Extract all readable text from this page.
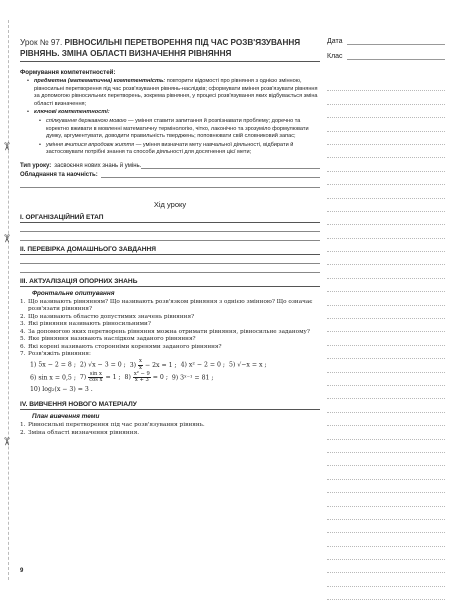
✂
✂
✂
Дата
Клас
Урок № 97. РІВНОСИЛЬНІ ПЕРЕТВОРЕННЯ ПІД ЧАС РОЗВ'ЯЗУВАННЯ РІВНЯНЬ. ЗМІНА ОБЛАСТІ ВИЗНАЧЕННЯ РІВНЯННЯ
Формування компетентностей:
• предметна (математична) компетентність: повторити відомості про рівняння з однією змінною, рівносильні перетворення під час розв'язування рівнянь-наслідків; сформувати вміння розв'язувати рівняння за допомогою рівносильних перетворень, зокрема рівняння, у процесі розв'язування яких відбувається зміна області визначення;
• ключові компетентності:
• спілкування державною мовою — уміння ставити запитання й розпізнавати проблему; доречно та коректно вживати в мовленні математичну термінологію, чітко, лаконічно та зрозуміло формулювати думку, аргументувати, доводити правильність тверджень; поповнювати свій словниковий запас;
• уміння вчитися впродовж життя — уміння визначати мету навчальної діяльності, відбирати й застосовувати потрібні знання та способи діяльності для досягнення цієї мети;
Тип уроку: засвоєння нових знань й умінь.
Обладнання та наочність:
Хід уроку
I. ОРГАНІЗАЦІЙНИЙ ЕТАП
II. ПЕРЕВІРКА ДОМАШНЬОГО ЗАВДАННЯ
III. АКТУАЛІЗАЦІЯ ОПОРНИХ ЗНАНЬ
Фронтальне опитування
1. Що називають рівнянням? Що називають розв'язком рівняння з однією змінною? Що означає розв'язати рівняння?
2. Що називають областю допустимих значень рівняння?
3. Які рівняння називають рівносильними?
4. За допомогою яких перетворень рівняння можна отримати рівняння, рівносильне заданому?
5. Яке рівняння називають наслідком заданого рівняння?
6. Які корені називають сторонніми коренями заданого рівняння?
7. Розв'яжіть рівняння:
1) 5x − 2 = 8 ; 2) √x − 3 = 0 ; $3) \frac{x}{x} - 2x = 1$ ; 4) x² − 2 = 0 ; 5) √−x = x ;
6) sin x = 0,5 ; $7) \frac{\text{sin x}}{\text{cos x}} = 1$ ; $8) \frac{\text{x² − 9}}{x + 3} = 0$ ; 9) 3ˣ⁻¹ = 81 ;
10) log₂(x − 3) = 3 .
IV. ВИВЧЕННЯ НОВОГО МАТЕРІАЛУ
План вивчення теми
1. Рівносильні перетворення під час розв'язування рівнянь.
2. Зміна області визначення рівняння.
9
